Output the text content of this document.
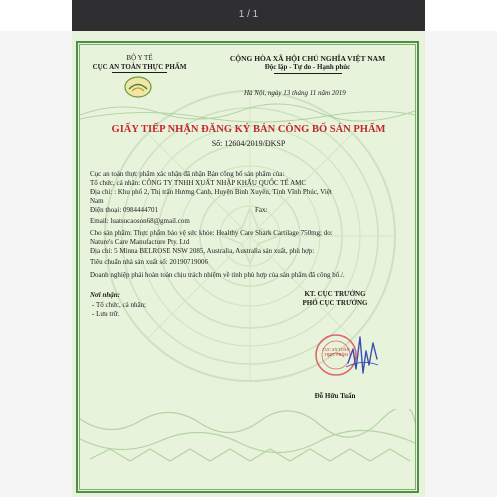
1 / 1
BỘ Y TẾ
CỤC AN TOÀN THỰC PHẨM
CỘNG HÒA XÃ HỘI CHỦ NGHĨA VIỆT NAM
Độc lập - Tự do - Hạnh phúc
Hà Nội, ngày 13 tháng 11 năm 2019
GIẤY TIẾP NHẬN ĐĂNG KÝ BẢN CÔNG BỐ SẢN PHẨM
Số: 12604/2019/ĐKSP
Cục an toàn thực phẩm xác nhận đã nhận Bản công bố sản phẩm của:
Tổ chức, cá nhân: CÔNG TY TNHH XUẤT NHẬP KHẨU QUỐC TẾ AMC
Địa chỉ: : Khu phố 2, Thị trấn Hương Canh, Huyện Bình Xuyên, Tỉnh Vĩnh Phúc, Việt
Nam
Điện thoại: 0984444701	Fax:
Email: luatsucaoson68@gmail.com
Cho sản phẩm: Thực phẩm bảo vệ sức khỏe: Healthy Care Shark Cartilage 750mg; do:
Nature's Care Manufacture Pty. Ltd
Địa chỉ: 5 Minna BELROSE NSW 2085, Australia, Australia sản xuất, phù hợp:
Tiêu chuẩn nhà sản xuất số: 20190719006
Doanh nghiệp phải hoàn toàn chịu trách nhiệm về tính phù hợp của sản phẩm đã công bố./.
Nơi nhận:
- Tổ chức, cá nhân;
- Lưu trữ.
KT. CỤC TRƯỞNG
PHÓ CỤC TRƯỞNG
CỤC AN TOÀN THỰC PHẨM
Đỗ Hữu Tuấn
